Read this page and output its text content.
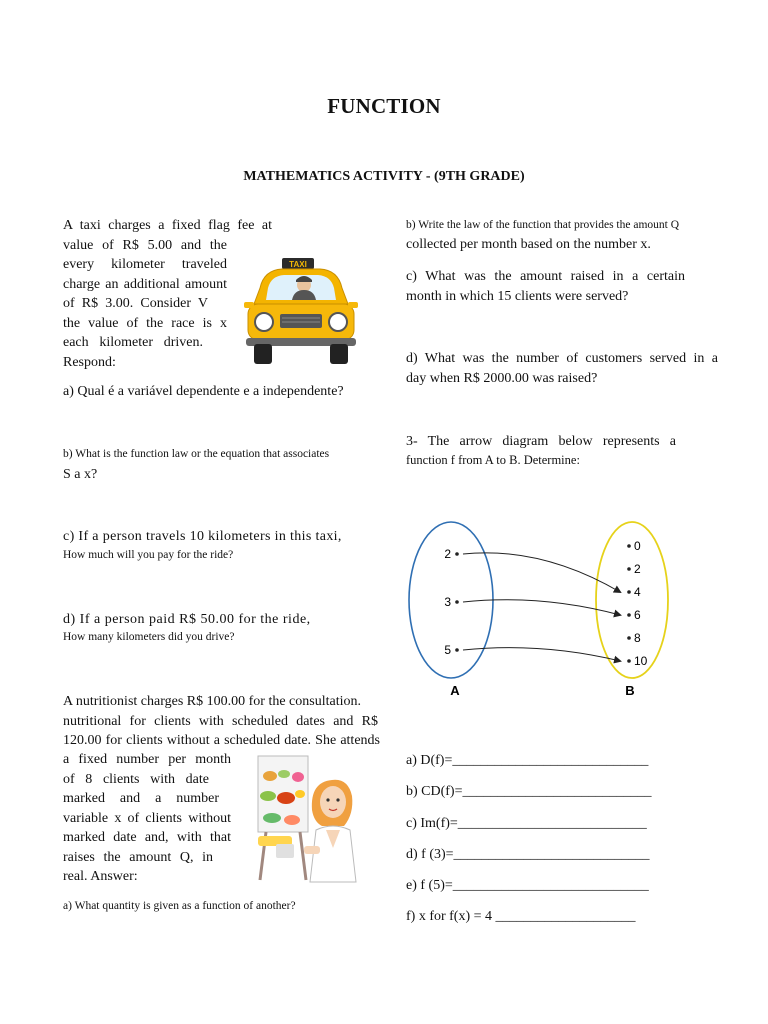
FUNCTION
MATHEMATICS ACTIVITY - (9TH GRADE)
A taxi charges a fixed flag fee at
value of R$ 5.00 and the
every kilometer traveled
charge an additional amount
of R$ 3.00. Consider V
the value of the race is x
each kilometer driven.
Respond:
TAXI
a) Qual é a variável dependente e a independente?
b) What is the function law or the equation that associates
S a x?
c) If a person travels 10 kilometers in this taxi,
How much will you pay for the ride?
d) If a person paid R$ 50.00 for the ride,
How many kilometers did you drive?
A nutritionist charges R$ 100.00 for the consultation.
nutritional for clients with scheduled dates and R$
120.00 for clients without a scheduled date. She attends
a fixed number per month
of 8 clients with date
marked and a number
variable x of clients without
marked date and, with that
raises the amount Q, in
real. Answer:
a) What quantity is given as a function of another?
b) Write the law of the function that provides the amount Q
collected per month based on the number x.
c) What was the amount raised in a certain
month in which 15 clients were served?
d) What was the number of customers served in a
day when R$ 2000.00 was raised?
3- The arrow diagram below represents a
function f from A to B. Determine:
2
3
5
0
2
4
6
8
10
A	B
a) D(f)=____________________________
b) CD(f)=___________________________
c) Im(f)=___________________________
d) f (3)=____________________________
e) f (5)=____________________________
f) x for f(x) = 4 ____________________
